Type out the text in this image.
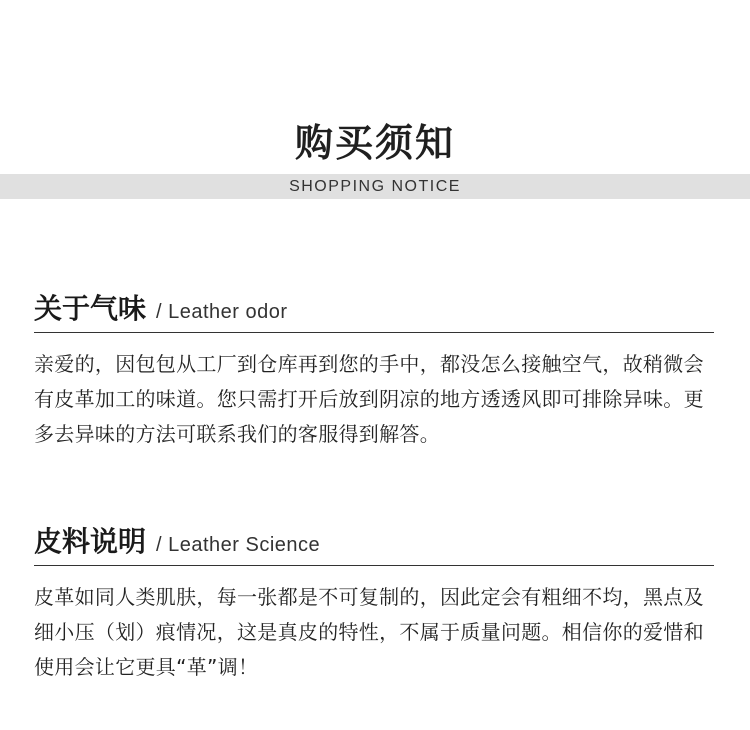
购买须知
SHOPPING NOTICE
关于气味 / Leather odor
亲爱的，因包包从工厂到仓库再到您的手中，都没怎么接触空气，故稍微会有皮革加工的味道。您只需打开后放到阴凉的地方透透风即可排除异味。更多去异味的方法可联系我们的客服得到解答。
皮料说明 / Leather Science
皮革如同人类肌肤，每一张都是不可复制的，因此定会有粗细不均，黑点及细小压（划）痕情况，这是真皮的特性，不属于质量问题。相信你的爱惜和使用会让它更具“革”调！
